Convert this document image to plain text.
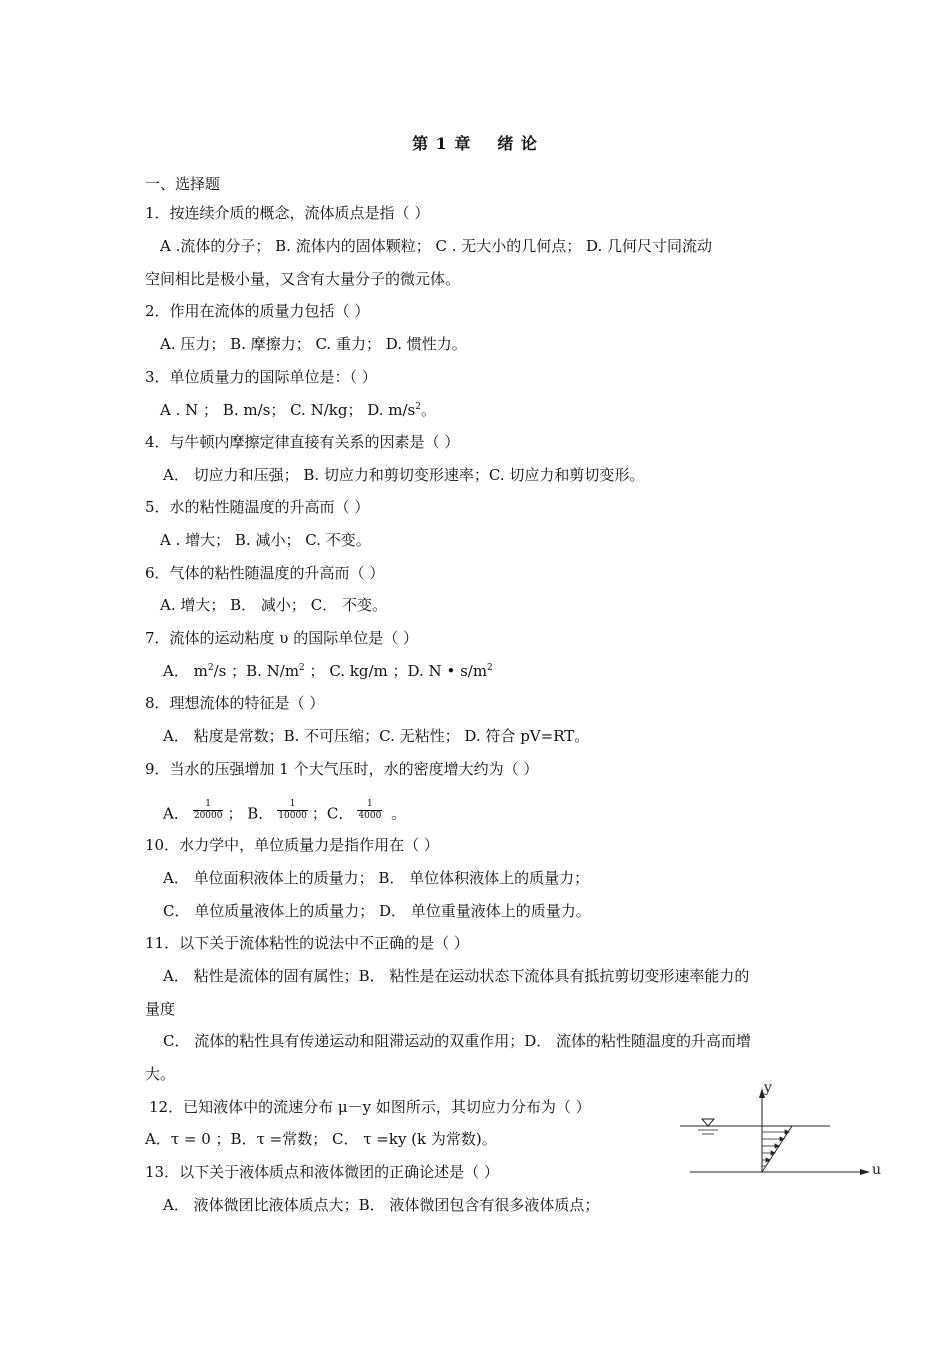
第 1 章 绪 论
一、选择题
1．按连续介质的概念，流体质点是指（ ）
A .流体的分子； B. 流体内的固体颗粒； C . 无大小的几何点； D. 几何尺寸同流动
空间相比是极小量，又含有大量分子的微元体。
2．作用在流体的质量力包括（ ）
A. 压力； B. 摩擦力； C. 重力； D. 惯性力。
3．单位质量力的国际单位是：（ ）
A . N ； B. m/s； C. N/kg； D. $m/s^2$。
4．与牛顿内摩擦定律直接有关系的因素是（ ）
A． 切应力和压强； B. 切应力和剪切变形速率；C. 切应力和剪切变形。
5．水的粘性随温度的升高而（ ）
A . 增大； B. 减小； C. 不变。
6．气体的粘性随温度的升高而（ ）
A. 增大； B． 减小； C． 不变。
7．流体的运动粘度 υ 的国际单位是（ ）
A． $m^2/s$ ；B. $N/m^2$ ； C. kg/m ；D. N • $s/m^2$
8．理想流体的特征是（ ）
A． 粘度是常数；B. 不可压缩；C. 无粘性； D. 符合 pV=RT。
9．当水的压强增加 1 个大气压时，水的密度增大约为（ ）
A． $\frac{1}{20000}$ ； B． $\frac{1}{10000}$ ；C． $\frac{1}{4000}$ 。
10．水力学中，单位质量力是指作用在（ ）
A． 单位面积液体上的质量力； B． 单位体积液体上的质量力；
C． 单位质量液体上的质量力； D． 单位重量液体上的质量力。
11．以下关于流体粘性的说法中不正确的是（ ）
A． 粘性是流体的固有属性；B． 粘性是在运动状态下流体具有抵抗剪切变形速率能力的
量度
C． 流体的粘性具有传递运动和阻滞运动的双重作用；D． 流体的粘性随温度的升高而增
大。
12．已知液体中的流速分布 μ－y 如图所示，其切应力分布为（ ）
A．τ = 0 ；B．τ =常数； C． τ =ky (k 为常数)。
13．以下关于液体质点和液体微团的正确论述是（ ）
A． 液体微团比液体质点大；B． 液体微团包含有很多液体质点；
u
y
